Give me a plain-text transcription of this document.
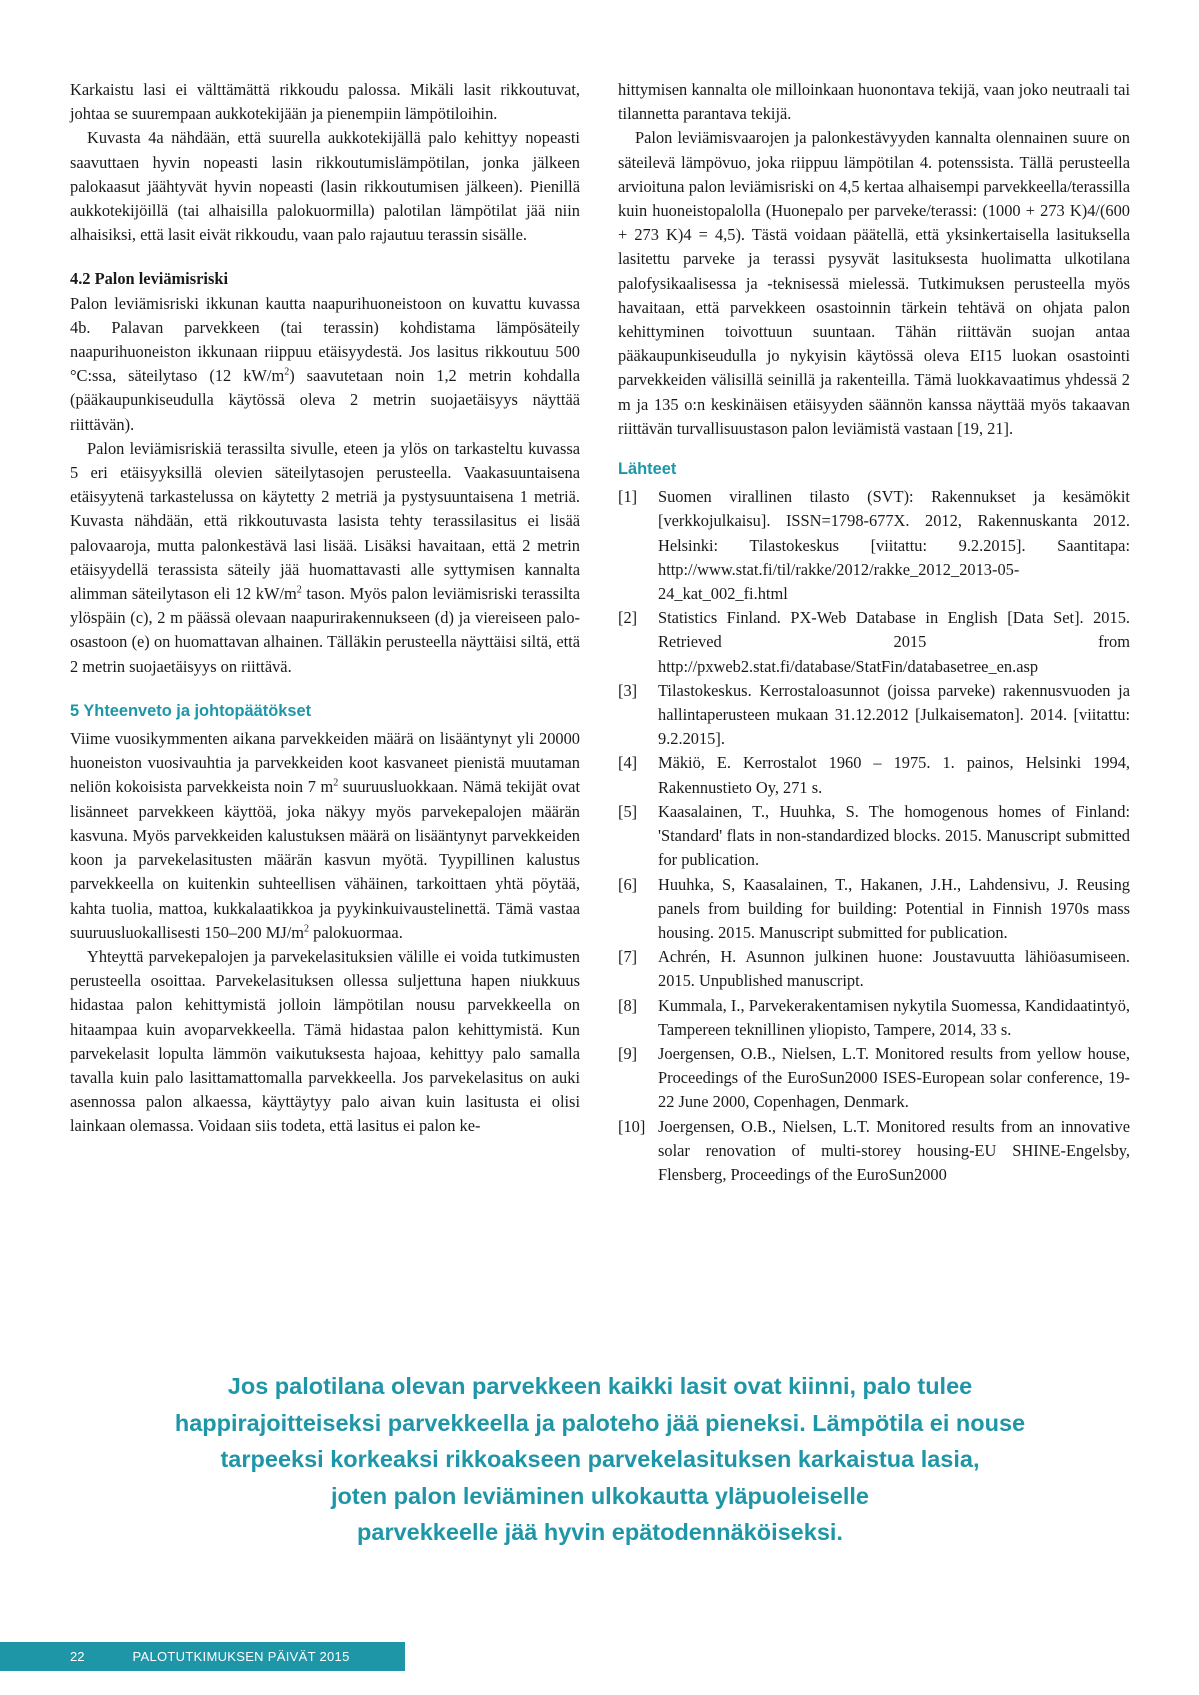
Karkaistu lasi ei välttämättä rikkoudu palossa. Mikäli lasit rikkoutuvat, johtaa se suurempaan aukkotekijään ja pienempiin lämpötiloihin.

Kuvasta 4a nähdään, että suurella aukkotekijällä palo kehittyy nopeasti saavuttaen hyvin nopeasti lasin rikkoutumislämpötilan, jonka jälkeen palokaasut jäähtyvät hyvin nopeasti (lasin rikkoutumisen jälkeen). Pienillä aukkotekijöillä (tai alhaisilla palokuormilla) palotilan lämpötilat jää niin alhaisiksi, että lasit eivät rikkoudu, vaan palo rajautuu terassin sisälle.

4.2 Palon leviämisriski

Palon leviämisriski ikkunan kautta naapurihuoneistoon on kuvattu kuvassa 4b. Palavan parvekkeen (tai terassin) kohdistama lämpösäteily naapurihuoneiston ikkunaan riippuu etäisyydestä. Jos lasitus rikkoutuu 500 °C:ssa, säteilytaso (12 $kW/m^2$) saavutetaan noin 1,2 metrin kohdalla (pääkaupunkiseudulla käytössä oleva 2 metrin suojaetäisyys näyttää riittävän).

Palon leviämisriskiä terassilta sivulle, eteen ja ylös on tarkasteltu kuvassa 5 eri etäisyyksillä olevien säteilytasojen perusteella. Vaakasuuntaisena etäisyytenä tarkastelussa on käytetty 2 metriä ja pystysuuntaisena 1 metriä. Kuvasta nähdään, että rikkoutuvasta lasista tehty terassilasitus ei lisää palovaaroja, mutta palonkestävä lasi lisää. Lisäksi havaitaan, että 2 metrin etäisyydellä terassista säteily jää huomattavasti alle syttymisen kannalta alimman säteilytason eli 12 $kW/m^2$ tason. Myös palon leviämisriski terassilta ylöspäin (c), 2 m päässä olevaan naapurirakennukseen (d) ja viereiseen palo-osastoon (e) on huomattavan alhainen. Tälläkin perusteella näyttäisi siltä, että 2 metrin suojaetäisyys on riittävä.

5 Yhteenveto ja johtopäätökset

Viime vuosikymmenten aikana parvekkeiden määrä on lisääntynyt yli 20000 huoneiston vuosivauhtia ja parvekkeiden koot kasvaneet pienistä muutaman neliön kokoisista parvekkeista noin 7 $m^2$ suuruusluokkaan. Nämä tekijät ovat lisänneet parvekkeen käyttöä, joka näkyy myös parvekepalojen määrän kasvuna. Myös parvekkeiden kalustuksen määrä on lisääntynyt parvekkeiden koon ja parvekelasitusten määrän kasvun myötä. Tyypillinen kalustus parvekkeella on kuitenkin suhteellisen vähäinen, tarkoittaen yhtä pöytää, kahta tuolia, mattoa, kukkalaatikkoa ja pyykinkuivaustelinettä. Tämä vastaa suuruusluokallisesti 150–200 $MJ/m^2$ palokuormaa.

Yhteyttä parvekepalojen ja parvekelasituksien välille ei voida tutkimusten perusteella osoittaa. Parvekelasituksen ollessa suljettuna hapen niukkuus hidastaa palon kehittymistä jolloin lämpötilan nousu parvekkeella on hitaampaa kuin avoparvekkeella. Tämä hidastaa palon kehittymistä. Kun parvekelasit lopulta lämmön vaikutuksesta hajoaa, kehittyy palo samalla tavalla kuin palo lasittamattomalla parvekkeella. Jos parvekelasitus on auki asennossa palon alkaessa, käyttäytyy palo aivan kuin lasitusta ei olisi lainkaan olemassa. Voidaan siis todeta, että lasitus ei palon ke-

hittymisen kannalta ole milloinkaan huonontava tekijä, vaan joko neutraali tai tilannetta parantava tekijä.

Palon leviämisvaarojen ja palonkestävyyden kannalta olennainen suure on säteilevä lämpövuo, joka riippuu lämpötilan 4. potenssista. Tällä perusteella arvioituna palon leviämisriski on 4,5 kertaa alhaisempi parvekkeella/terassilla kuin huoneistopalolla (Huonepalo per parveke/terassi: (1000 + 273 K)4/(600 + 273 K)4 = 4,5). Tästä voidaan päätellä, että yksinkertaisella lasituksella lasitettu parveke ja terassi pysyvät lasituksesta huolimatta ulkotilana palofysikaalisessa ja -teknisessä mielessä. Tutkimuksen perusteella myös havaitaan, että parvekkeen osastoinnin tärkein tehtävä on ohjata palon kehittyminen toivottuun suuntaan. Tähän riittävän suojan antaa pääkaupunkiseudulla jo nykyisin käytössä oleva EI15 luokan osastointi parvekkeiden välisillä seinillä ja rakenteilla. Tämä luokkavaatimus yhdessä 2 m ja 135 o:n keskinäisen etäisyyden säännön kanssa näyttää myös takaavan riittävän turvallisuustason palon leviämistä vastaan [19, 21].

Lähteet
[1]	Suomen virallinen tilasto (SVT): Rakennukset ja kesämökit [verkkojulkaisu]. ISSN=1798-677X. 2012, Rakennuskanta 2012. Helsinki: Tilastokeskus [viitattu: 9.2.2015]. Saantitapa: http://www.stat.fi/til/rakke/2012/rakke_2012_2013-05-24_kat_002_fi.html
[2]	Statistics Finland. PX-Web Database in English [Data Set]. 2015. Retrieved 2015 from http://pxweb2.stat.fi/database/StatFin/databasetree_en.asp
[3]	Tilastokeskus. Kerrostaloasunnot (joissa parveke) rakennusvuoden ja hallintaperusteen mukaan 31.12.2012 [Julkaisematon]. 2014. [viitattu: 9.2.2015].
[4]	Mäkiö, E. Kerrostalot 1960 – 1975. 1. painos, Helsinki 1994, Rakennustieto Oy, 271 s.
[5]	Kaasalainen, T., Huuhka, S. The homogenous homes of Finland: 'Standard' flats in non-standardized blocks. 2015. Manuscript submitted for publication.
[6]	Huuhka, S, Kaasalainen, T., Hakanen, J.H., Lahdensivu, J. Reusing panels from building for building: Potential in Finnish 1970s mass housing. 2015. Manuscript submitted for publication.
[7]	Achrén, H. Asunnon julkinen huone: Joustavuutta lähiöasumiseen. 2015. Unpublished manuscript.
[8]	Kummala, I., Parvekerakentamisen nykytila Suomessa, Kandidaatintyö, Tampereen teknillinen yliopisto, Tampere, 2014, 33 s.
[9]	Joergensen, O.B., Nielsen, L.T. Monitored results from yellow house, Proceedings of the EuroSun2000 ISES-European solar conference, 19-22 June 2000, Copenhagen, Denmark.
[10] Joergensen, O.B., Nielsen, L.T. Monitored results from an innovative solar renovation of multi-storey housing-EU SHINE-Engelsby, Flensberg, Proceedings of the EuroSun2000
Jos palotilana olevan parvekkeen kaikki lasit ovat kiinni, palo tulee
happirajoitteiseksi parvekkeella ja paloteho jää pieneksi. Lämpötila ei nouse
tarpeeksi korkeaksi rikkoakseen parvekelasituksen karkaistua lasia,
joten palon leviäminen ulkokautta yläpuoleiselle
parvekkeelle jää hyvin epätodennäköiseksi.
22	PALOTUTKIMUKSEN PÄIVÄT 2015
